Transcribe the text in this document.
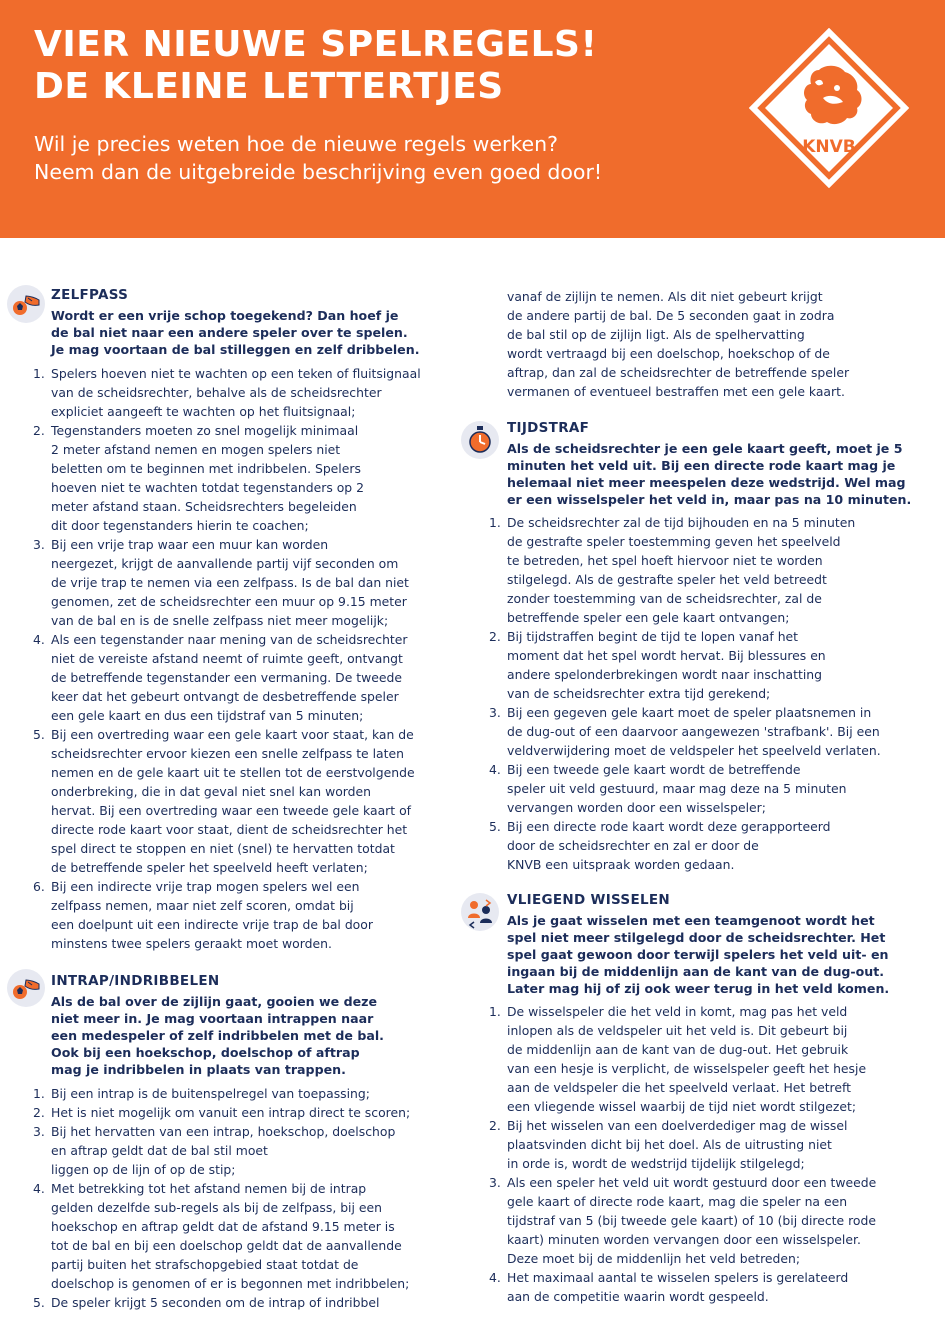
VIER NIEUWE SPELREGELS!
DE KLEINE LETTERTJES
Wil je precies weten hoe de nieuwe regels werken?
Neem dan de uitgebreide beschrijving even goed door!
KNVB
ZELFPASS
Wordt er een vrije schop toegekend? Dan hoef je
de bal niet naar een andere speler over te spelen.
Je mag voortaan de bal stilleggen en zelf dribbelen.
1. Spelers hoeven niet te wachten op een teken of fluitsignaal
van de scheidsrechter, behalve als de scheidsrechter
expliciet aangeeft te wachten op het fluitsignaal;
2. Tegenstanders moeten zo snel mogelijk minimaal
2 meter afstand nemen en mogen spelers niet
beletten om te beginnen met indribbelen. Spelers
hoeven niet te wachten totdat tegenstanders op 2
meter afstand staan. Scheidsrechters begeleiden
dit door tegenstanders hierin te coachen;
3. Bij een vrije trap waar een muur kan worden
neergezet, krijgt de aanvallende partij vijf seconden om
de vrije trap te nemen via een zelfpass. Is de bal dan niet
genomen, zet de scheidsrechter een muur op 9.15 meter
van de bal en is de snelle zelfpass niet meer mogelijk;
4. Als een tegenstander naar mening van de scheidsrechter
niet de vereiste afstand neemt of ruimte geeft, ontvangt
de betreffende tegenstander een vermaning. De tweede
keer dat het gebeurt ontvangt de desbetreffende speler
een gele kaart en dus een tijdstraf van 5 minuten;
5. Bij een overtreding waar een gele kaart voor staat, kan de
scheidsrechter ervoor kiezen een snelle zelfpass te laten
nemen en de gele kaart uit te stellen tot de eerstvolgende
onderbreking, die in dat geval niet snel kan worden
hervat. Bij een overtreding waar een tweede gele kaart of
directe rode kaart voor staat, dient de scheidsrechter het
spel direct te stoppen en niet (snel) te hervatten totdat
de betreffende speler het speelveld heeft verlaten;
6. Bij een indirecte vrije trap mogen spelers wel een
zelfpass nemen, maar niet zelf scoren, omdat bij
een doelpunt uit een indirecte vrije trap de bal door
minstens twee spelers geraakt moet worden.
INTRAP/INDRIBBELEN
Als de bal over de zijlijn gaat, gooien we deze
niet meer in. Je mag voortaan intrappen naar
een medespeler of zelf indribbelen met de bal.
Ook bij een hoekschop, doelschop of aftrap
mag je indribbelen in plaats van trappen.
1. Bij een intrap is de buitenspelregel van toepassing;
2. Het is niet mogelijk om vanuit een intrap direct te scoren;
3. Bij het hervatten van een intrap, hoekschop, doelschop
en aftrap geldt dat de bal stil moet
liggen op de lijn of op de stip;
4. Met betrekking tot het afstand nemen bij de intrap
gelden dezelfde sub-regels als bij de zelfpass, bij een
hoekschop en aftrap geldt dat de afstand 9.15 meter is
tot de bal en bij een doelschop geldt dat de aanvallende
partij buiten het strafschopgebied staat totdat de
doelschop is genomen of er is begonnen met indribbelen;
5. De speler krijgt 5 seconden om de intrap of indribbel
vanaf de zijlijn te nemen. Als dit niet gebeurt krijgt
de andere partij de bal. De 5 seconden gaat in zodra
de bal stil op de zijlijn ligt. Als de spelhervatting
wordt vertraagd bij een doelschop, hoekschop of de
aftrap, dan zal de scheidsrechter de betreffende speler
vermanen of eventueel bestraffen met een gele kaart.
TIJDSTRAF
Als de scheidsrechter je een gele kaart geeft, moet je 5
minuten het veld uit. Bij een directe rode kaart mag je
helemaal niet meer meespelen deze wedstrijd. Wel mag
er een wisselspeler het veld in, maar pas na 10 minuten.
1. De scheidsrechter zal de tijd bijhouden en na 5 minuten
de gestrafte speler toestemming geven het speelveld
te betreden, het spel hoeft hiervoor niet te worden
stilgelegd. Als de gestrafte speler het veld betreedt
zonder toestemming van de scheidsrechter, zal de
betreffende speler een gele kaart ontvangen;
2. Bij tijdstraffen begint de tijd te lopen vanaf het
moment dat het spel wordt hervat. Bij blessures en
andere spelonderbrekingen wordt naar inschatting
van de scheidsrechter extra tijd gerekend;
3. Bij een gegeven gele kaart moet de speler plaatsnemen in
de dug-out of een daarvoor aangewezen 'strafbank'. Bij een
veldverwijdering moet de veldspeler het speelveld verlaten.
4. Bij een tweede gele kaart wordt de betreffende
speler uit veld gestuurd, maar mag deze na 5 minuten
vervangen worden door een wisselspeler;
5. Bij een directe rode kaart wordt deze gerapporteerd
door de scheidsrechter en zal er door de
KNVB een uitspraak worden gedaan.
VLIEGEND WISSELEN
Als je gaat wisselen met een teamgenoot wordt het
spel niet meer stilgelegd door de scheidsrechter. Het
spel gaat gewoon door terwijl spelers het veld uit- en
ingaan bij de middenlijn aan de kant van de dug-out.
Later mag hij of zij ook weer terug in het veld komen.
1. De wisselspeler die het veld in komt, mag pas het veld
inlopen als de veldspeler uit het veld is. Dit gebeurt bij
de middenlijn aan de kant van de dug-out. Het gebruik
van een hesje is verplicht, de wisselspeler geeft het hesje
aan de veldspeler die het speelveld verlaat. Het betreft
een vliegende wissel waarbij de tijd niet wordt stilgezet;
2. Bij het wisselen van een doelverdediger mag de wissel
plaatsvinden dicht bij het doel. Als de uitrusting niet
in orde is, wordt de wedstrijd tijdelijk stilgelegd;
3. Als een speler het veld uit wordt gestuurd door een tweede
gele kaart of directe rode kaart, mag die speler na een
tijdstraf van 5 (bij tweede gele kaart) of 10 (bij directe rode
kaart) minuten worden vervangen door een wisselspeler.
Deze moet bij de middenlijn het veld betreden;
4. Het maximaal aantal te wisselen spelers is gerelateerd
aan de competitie waarin wordt gespeeld.
